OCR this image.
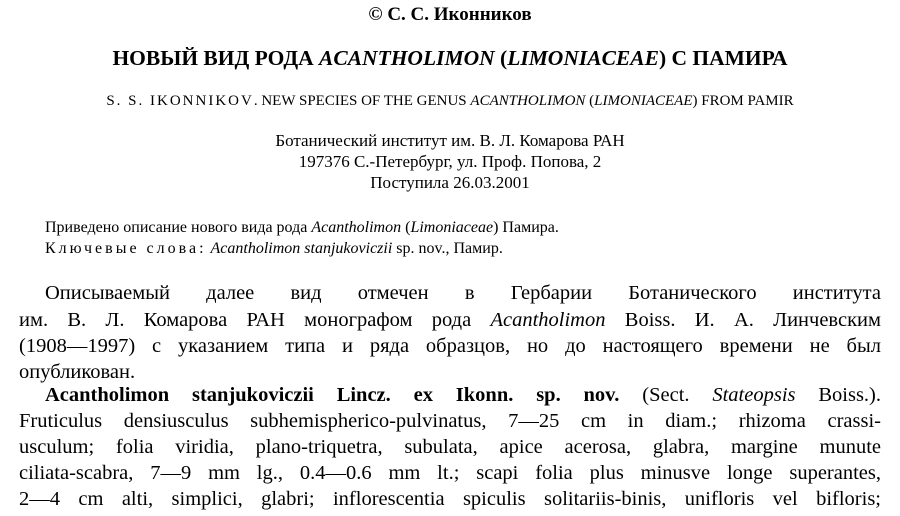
© С. С. Иконников
НОВЫЙ ВИД РОДА ACANTHOLIMON (LIMONIACEAE) С ПАМИРА
S. S. IKONNIKOV. NEW SPECIES OF THE GENUS ACANTHOLIMON (LIMONIACEAE) FROM PAMIR
Ботанический институт им. В. Л. Комарова РАН
197376 С.-Петербург, ул. Проф. Попова, 2
Поступила 26.03.2001
Приведено описание нового вида рода Acantholimon (Limoniaceae) Памира.
Ключевые слова: Acantholimon stanjukoviczii sp. nov., Памир.
Описываемый далее вид отмечен в Гербарии Ботанического института
им. В. Л. Комарова РАН монографом рода Acantholimon Boiss. И. А. Линчевским
(1908—1997) с указанием типа и ряда образцов, но до настоящего времени не был
опубликован.
Acantholimon stanjukoviczii Lincz. ex Ikonn. sp. nov. (Sect. Stateopsis Boiss.).
Fruticulus densiusculus subhemispherico-pulvinatus, 7—25 cm in diam.; rhizoma crassi-
usculum; folia viridia, plano-triquetra, subulata, apice acerosa, glabra, margine munute
ciliata-scabra, 7—9 mm lg., 0.4—0.6 mm lt.; scapi folia plus minusve longe superantes,
2—4 cm alti, simplici, glabri; inflorescentia spiculis solitariis-binis, unifloris vel bifloris;
